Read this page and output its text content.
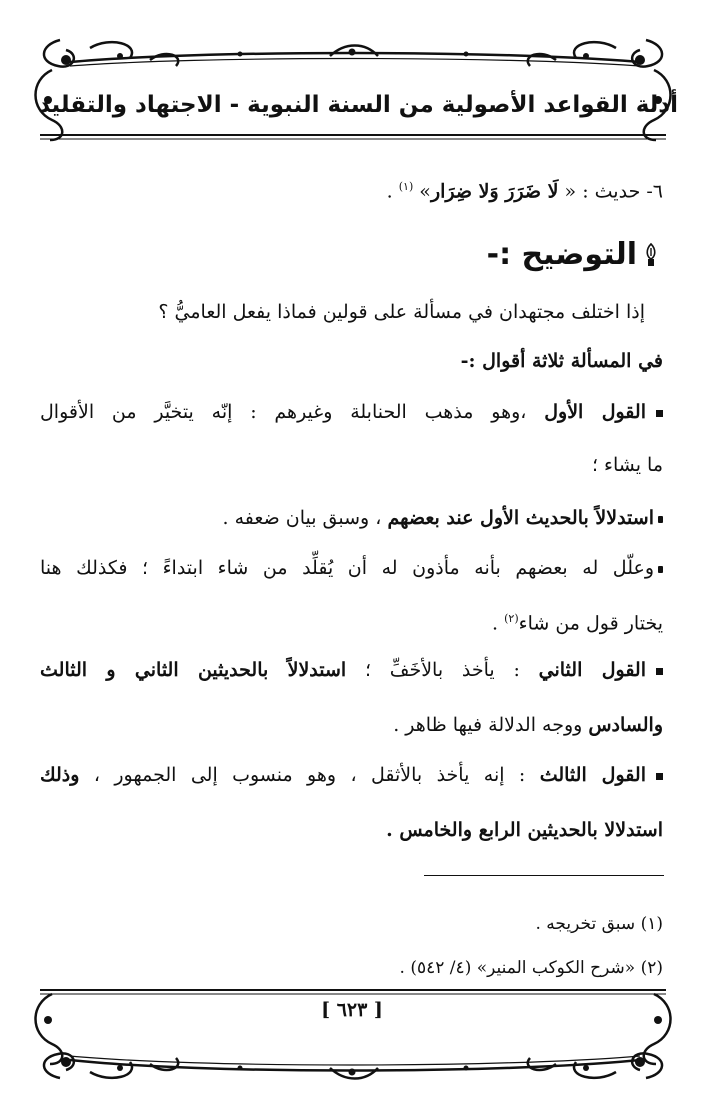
أدلة القواعد الأصولية من السنة النبوية - الاجتهاد والتقليد
٦- حديث : « لَا ضَرَرَ وَلا ضِرَار» $^{(١)}$ .
التوضيح :-
إذا اختلف مجتهدان في مسألة على قولين فماذا يفعل العاميُّ ؟
في المسألة ثلاثة أقوال :-
القول الأول ،وهو مذهب الحنابلة وغيرهم : إنّه يتخيَّر من الأقوال
ما يشاء ؛
استدلالاً بالحديث الأول عند بعضهم ، وسبق بيان ضعفه .
وعلّل له بعضهم بأنه مأذون له أن يُقلِّد من شاء ابتداءً ؛ فكذلك هنا
يختار قول من شاء$^{(٢)}$ .
القول الثاني : يأخذ بالأخَفِّ ؛ استدلالاً بالحديثين الثاني و الثالث
والسادس ووجه الدلالة فيها ظاهر .
القول الثالث : إنه يأخذ بالأثقل ، وهو منسوب إلى الجمهور ، وذلك
استدلالا بالحديثين الرابع والخامس .
(١) سبق تخريجه .
(٢) «شرح الكوكب المنير» (٤/ ٥٤٢) .
[ ٦٢٣ ]
